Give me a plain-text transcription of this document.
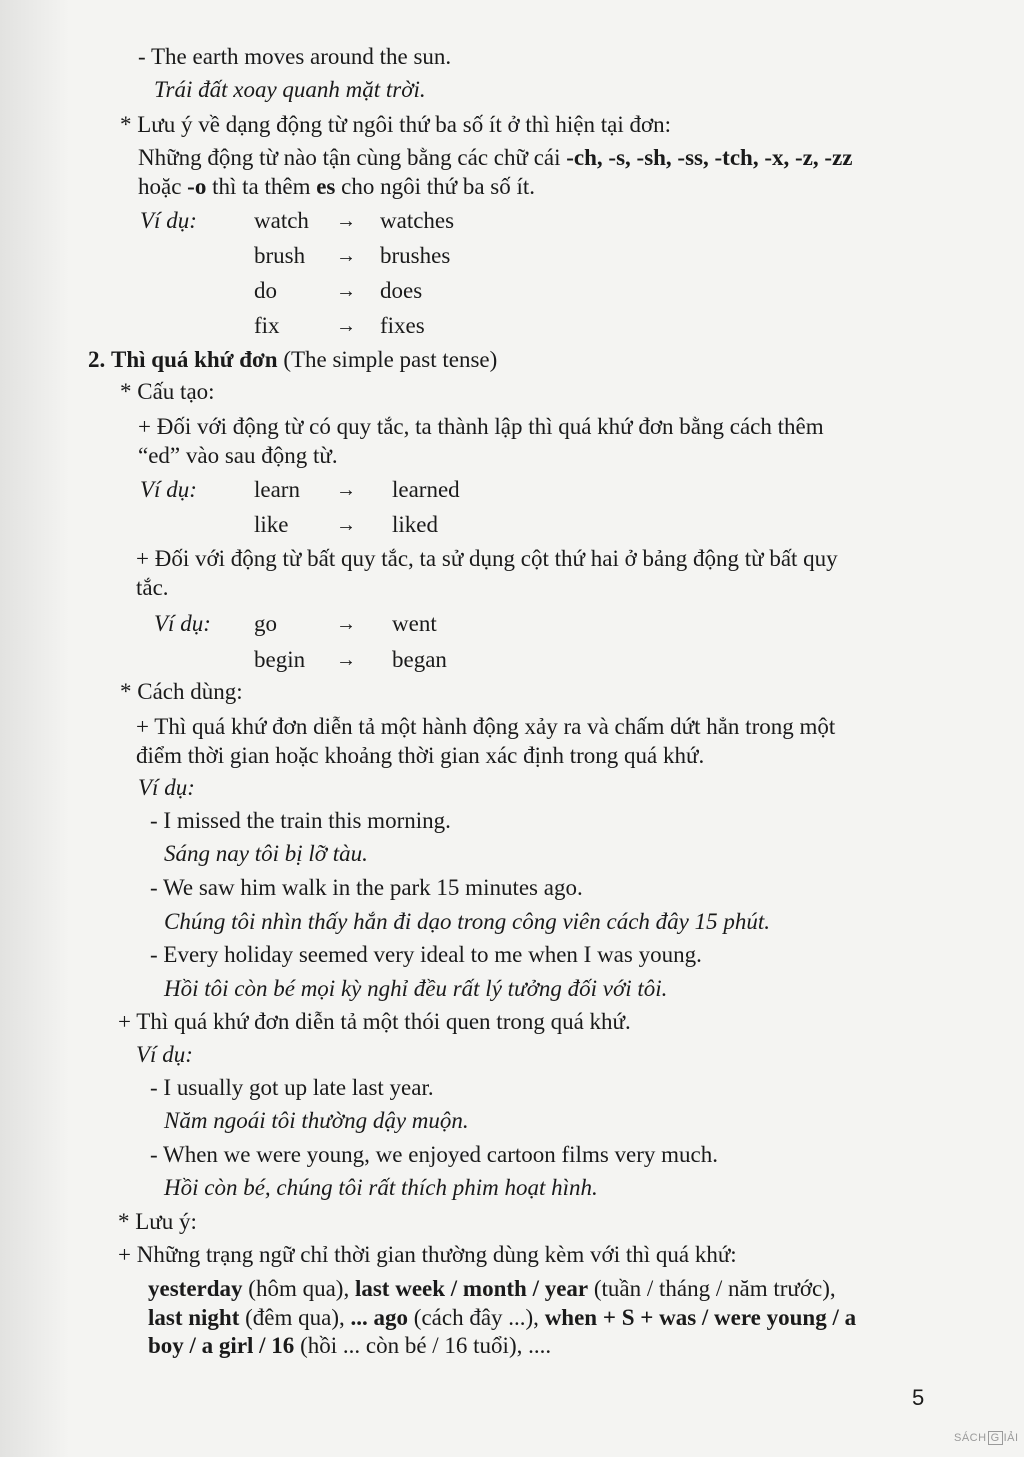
- The earth moves around the sun.
Trái đất xoay quanh mặt trời.
* Lưu ý về dạng động từ ngôi thứ ba số ít ở thì hiện tại đơn:
Những động từ nào tận cùng bằng các chữ cái -ch, -s, -sh, -ss, -tch, -x, -z, -zz
hoặc -o thì ta thêm es cho ngôi thứ ba số ít.
Ví dụ: watch → watches
brush → brushes
do	→ does
fix	→ fixes
2. Thì quá khứ đơn (The simple past tense)
* Cấu tạo:
+ Đối với động từ có quy tắc, ta thành lập thì quá khứ đơn bằng cách thêm
“ed” vào sau động từ.
Ví dụ: learn → learned
like → liked
+ Đối với động từ bất quy tắc, ta sử dụng cột thứ hai ở bảng động từ bất quy
tắc.
Ví dụ: go	→ went
begin → began
* Cách dùng:
+ Thì quá khứ đơn diễn tả một hành động xảy ra và chấm dứt hẳn trong một
điểm thời gian hoặc khoảng thời gian xác định trong quá khứ.
Ví dụ:
- I missed the train this morning.
Sáng nay tôi bị lỡ tàu.
- We saw him walk in the park 15 minutes ago.
Chúng tôi nhìn thấy hắn đi dạo trong công viên cách đây 15 phút.
- Every holiday seemed very ideal to me when I was young.
Hồi tôi còn bé mọi kỳ nghỉ đều rất lý tưởng đối với tôi.
+ Thì quá khứ đơn diễn tả một thói quen trong quá khứ.
Ví dụ:
- I usually got up late last year.
Năm ngoái tôi thường dậy muộn.
- When we were young, we enjoyed cartoon films very much.
Hồi còn bé, chúng tôi rất thích phim hoạt hình.
* Lưu ý:
+ Những trạng ngữ chỉ thời gian thường dùng kèm với thì quá khứ:
yesterday (hôm qua), last week / month / year (tuần / tháng / năm trước),
last night (đêm qua), ... ago (cách đây ...), when + S + was / were young / a
boy / a girl / 16 (hồi ... còn bé / 16 tuổi), ....
5
SÁCH G IẢI
